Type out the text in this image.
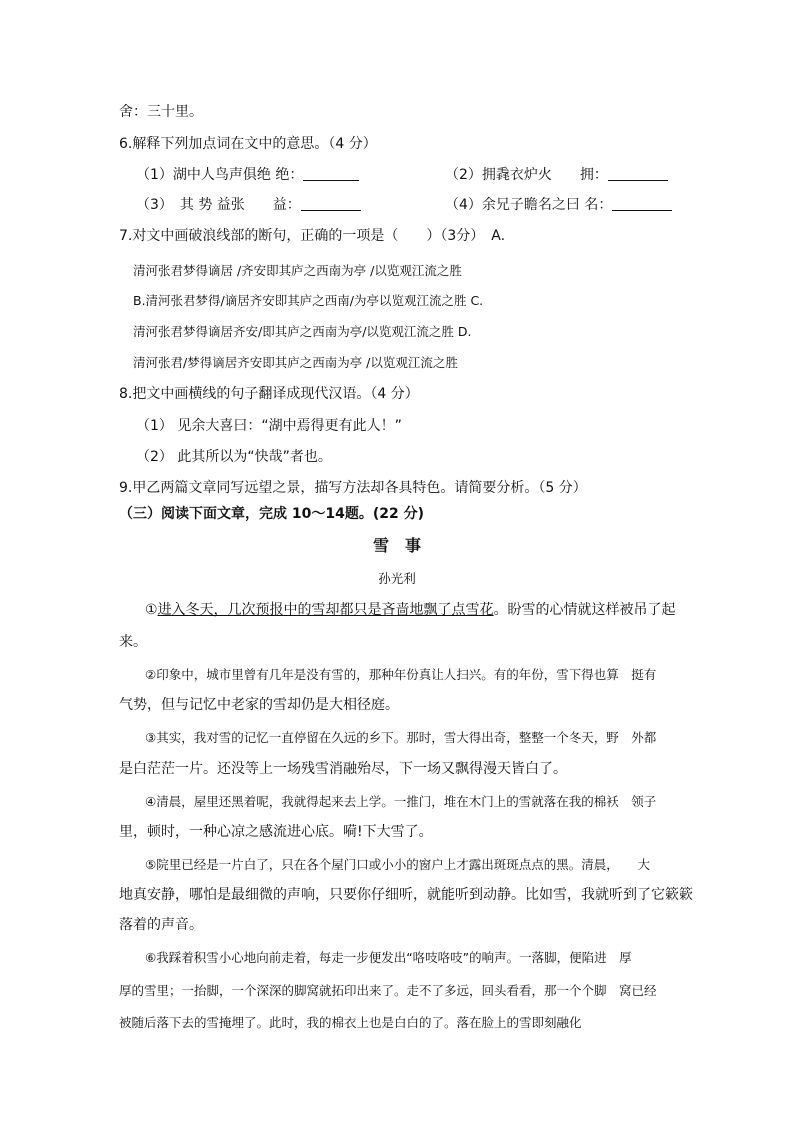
舍：三十里。
6.解释下列加点词在文中的意思。（4 分）
（1）湖中人鸟声俱绝 绝：	（2）拥毳衣炉火　　拥：
（3）　其 势 益张　　益：	（4）余兄子瞻名之曰 名：
7.对文中画破浪线部的断句，正确的一项是（　　）（3分）　A.
清河张君梦得谪居 /齐安即其庐之西南为亭 /以览观江流之胜
B.清河张君梦得/谪居齐安即其庐之西南/为亭以览观江流之胜 C.
清河张君梦得谪居齐安/即其庐之西南为亭/以览观江流之胜 D.
清河张君/梦得谪居齐安即其庐之西南为亭 /以览观江流之胜
8.把文中画横线的句子翻译成现代汉语。（4 分）
（1） 见余大喜曰：“湖中焉得更有此人！”
（2） 此其所以为“快哉”者也。
9.甲乙两篇文章同写远望之景，描写方法却各具特色。请简要分析。（5 分）
（三）阅读下面文章，完成 10～14题。(22 分)
雪　事
孙光利
①进入冬天，几次预报中的雪却都只是吝啬地飘了点雪花。盼雪的心情就这样被吊了起
来。
②印象中，城市里曾有几年是没有雪的，那种年份真让人扫兴。有的年份，雪下得也算　挺有
气势，但与记忆中老家的雪却仍是大相径庭。
③其实，我对雪的记忆一直停留在久远的乡下。那时，雪大得出奇，整整一个冬天，野　外都
是白茫茫一片。还没等上一场残雪消融殆尽，下一场又飘得漫天皆白了。
④清晨，屋里还黑着呢，我就得起来去上学。一推门，堆在木门上的雪就落在我的棉袄　领子
里，顿时，一种心凉之感流进心底。嗬!下大雪了。
⑤院里已经是一片白了，只在各个屋门口或小小的窗户上才露出斑斑点点的黑。清晨，　　大
地真安静，哪怕是最细微的声响，只要你仔细听，就能听到动静。比如雪，我就听到了它簌簌
落着的声音。
⑥我踩着积雪小心地向前走着，每走一步便发出“咯吱咯吱”的响声。一落脚，便陷进　厚
厚的雪里；一抬脚，一个深深的脚窝就拓印出来了。走不了多远，回头看看，那一个个脚　窝已经
被随后落下去的雪掩埋了。此时，我的棉衣上也是白白的了。落在脸上的雪即刻融化
